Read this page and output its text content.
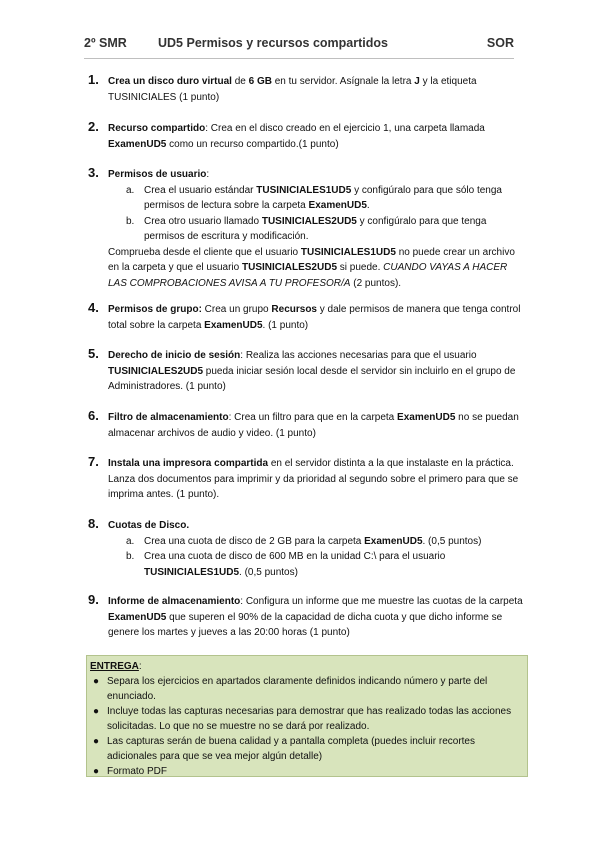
2º SMR UD5 Permisos y recursos compartidos	SOR
1. Crea un disco duro virtual de 6 GB en tu servidor. Asígnale la letra J y la etiqueta TUSINICIALES (1 punto)

2. Recurso compartido: Crea en el disco creado en el ejercicio 1, una carpeta llamada ExamenUD5 como un recurso compartido.(1 punto)

3. Permisos de usuario:

a. Crea el usuario estándar TUSINICIALES1UD5 y configúralo para que sólo tenga permisos de lectura sobre la carpeta ExamenUD5.
b. Crea otro usuario llamado TUSINICIALES2UD5 y configúralo para que tenga permisos de escritura y modificación.

Comprueba desde el cliente que el usuario TUSINICIALES1UD5 no puede crear un archivo en la carpeta y que el usuario TUSINICIALES2UD5 si puede. CUANDO VAYAS A HACER LAS COMPROBACIONES AVISA A TU PROFESOR/A (2 puntos).

4. Permisos de grupo: Crea un grupo Recursos y dale permisos de manera que tenga control total sobre la carpeta ExamenUD5. (1 punto)

5. Derecho de inicio de sesión: Realiza las acciones necesarias para que el usuario TUSINICIALES2UD5 pueda iniciar sesión local desde el servidor sin incluirlo en el grupo de Administradores. (1 punto)

6. Filtro de almacenamiento: Crea un filtro para que en la carpeta ExamenUD5 no se puedan almacenar archivos de audio y video. (1 punto)

7. Instala una impresora compartida en el servidor distinta a la que instalaste en la práctica. Lanza dos documentos para imprimir y da prioridad al segundo sobre el primero para que se imprima antes. (1 punto).

8. Cuotas de Disco.

a. Crea una cuota de disco de 2 GB para la carpeta ExamenUD5. (0,5 puntos)
b. Crea una cuota de disco de 600 MB en la unidad C:\ para el usuario TUSINICIALES1UD5. (0,5 puntos)
9. Informe de almacenamiento: Configura un informe que me muestre las cuotas de la carpeta ExamenUD5 que superen el 90% de la capacidad de dicha cuota y que dicho informe se genere los martes y jueves a las 20:00 horas (1 punto)

ENTREGA:

● Separa los ejercicios en apartados claramente definidos indicando número y parte del enunciado.
● Incluye todas las capturas necesarias para demostrar que has realizado todas las acciones solicitadas. Lo que no se muestre no se dará por realizado.
● Las capturas serán de buena calidad y a pantalla completa (puedes incluir recortes adicionales para que se vea mejor algún detalle)
● Formato PDF
